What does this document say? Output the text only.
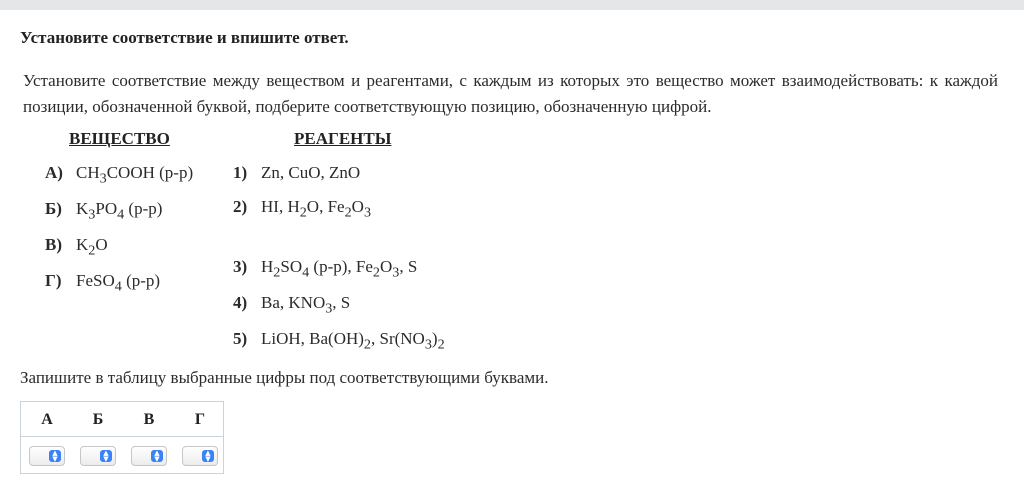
Установите соответствие и впишите ответ.
Установите соответствие между веществом и реагентами, с каждым из которых это вещество может взаимодействовать: к каждой позиции, обозначенной буквой, подберите соответствующую позицию, обозначенную цифрой.
ВЕЩЕСТВО	РЕАГЕНТЫ
А) $CH_3COOH$ (р-р)
Б) $K_3PO_4$ (р-р)
В) $K_2O$
Г) FeSO$_4$ (р-р)
1) Zn, CuO, ZnO
2) HI, $H_2O$, $Fe_2O_3$
3) $H_2SO_4$ (р-р), $Fe_2O_3$, S
4) Ba, $KNO_3$, S
5) LiOH, $Ba(OH)_2$, $Sr(NO_3)_2$
Запишите в таблицу выбранные цифры под соответствующими буквами.
А	Б	В	Г
▲
▼
▲
▼
▲
▼
▲
▼
